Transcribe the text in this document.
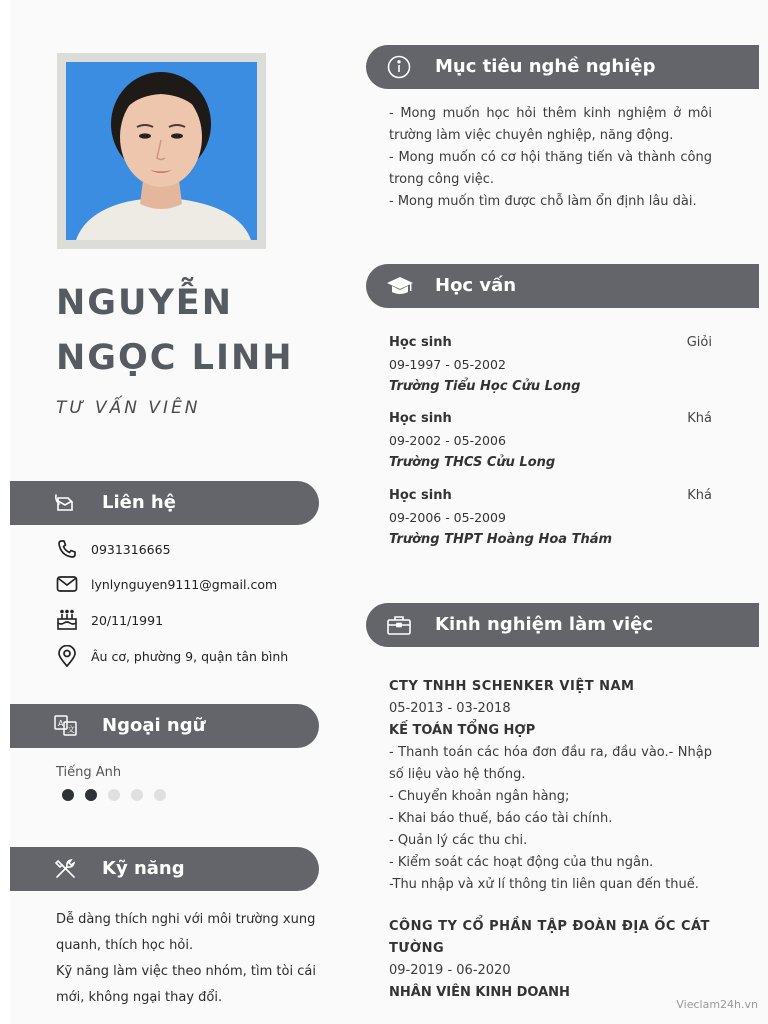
NGUYỄN
NGỌC LINH
TƯ VẤN VIÊN
Liên hệ
0931316665
lynlynguyen9111@gmail.com
20/11/1991
Âu cơ, phường 9, quận tân bình
A
文 Ngoại ngữ
Tiếng Anh
Kỹ năng
Dễ dàng thích nghi với môi trường xung quanh, thích học hỏi.
Kỹ năng làm việc theo nhóm, tìm tòi cái mới, không ngại thay đổi.
Mục tiêu nghề nghiệp
- Mong muốn học hỏi thêm kinh nghiệm ở môi trường làm việc chuyên nghiệp, năng động.
- Mong muốn có cơ hội thăng tiến và thành công trong công việc.
- Mong muốn tìm được chỗ làm ổn định lâu dài.
Học vấn
Học sinh	Giỏi
09-1997 - 05-2002
Trường Tiểu Học Cửu Long
Học sinh	Khá
09-2002 - 05-2006
Trường THCS Cửu Long
Học sinh	Khá
09-2006 - 05-2009
Trường THPT Hoàng Hoa Thám
Kinh nghiệm làm việc
CTY TNHH SCHENKER VIỆT NAM
05-2013 - 03-2018
KẾ TOÁN TỔNG HỢP
- Thanh toán các hóa đơn đầu ra, đầu vào.- Nhập số liệu vào hệ thống.
- Chuyển khoản ngân hàng;
- Khai báo thuế, báo cáo tài chính.
- Quản lý các thu chi.
- Kiểm soát các hoạt động của thu ngân.
-Thu nhập và xử lí thông tin liên quan đến thuế.
CÔNG TY CỔ PHẦN TẬP ĐOÀN ĐỊA ỐC CÁT TƯỜNG
09-2019 - 06-2020
NHÂN VIÊN KINH DOANH
Vieclam24h.vn
